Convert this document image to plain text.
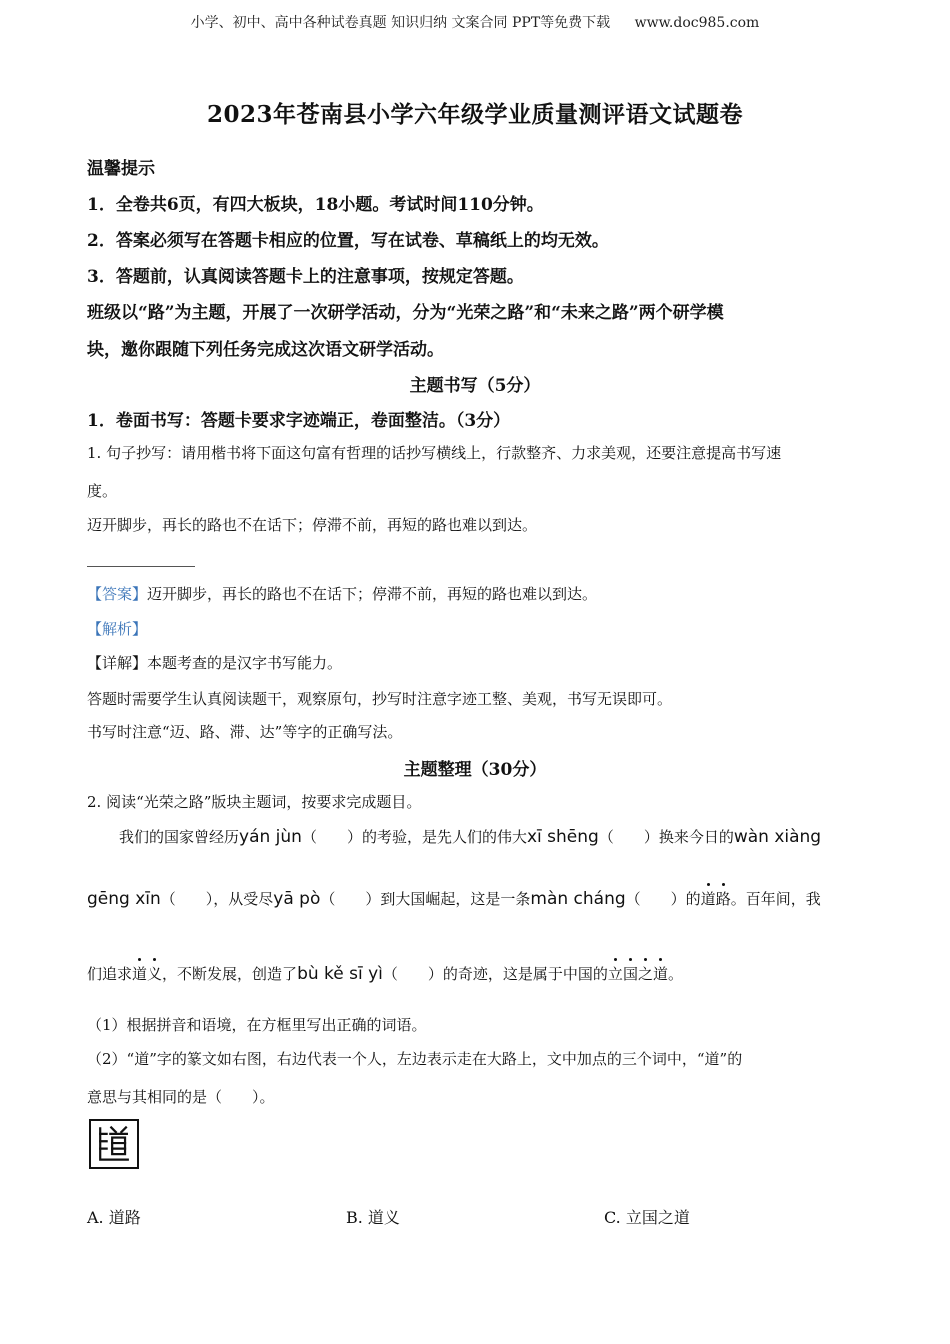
小学、初中、高中各种试卷真题 知识归纳 文案合同 PPT等免费下载 www.doc985.com
2023年苍南县小学六年级学业质量测评语文试题卷
温馨提示
1．全卷共6页，有四大板块，18小题。考试时间110分钟。
2．答案必须写在答题卡相应的位置，写在试卷、草稿纸上的均无效。
3．答题前，认真阅读答题卡上的注意事项，按规定答题。
班级以“路”为主题，开展了一次研学活动，分为“光荣之路”和“未来之路”两个研学模
块，邀你跟随下列任务完成这次语文研学活动。
主题书写（5分）
1．卷面书写：答题卡要求字迹端正，卷面整洁。（3分）
1. 句子抄写：请用楷书将下面这句富有哲理的话抄写横线上，行款整齐、力求美观，还要注意提高书写速
度。
迈开脚步，再长的路也不在话下；停滞不前，再短的路也难以到达。
【答案】迈开脚步，再长的路也不在话下；停滞不前，再短的路也难以到达。
【解析】
【详解】本题考查的是汉字书写能力。
答题时需要学生认真阅读题干，观察原句，抄写时注意字迹工整、美观，书写无误即可。
书写时注意“迈、路、滞、达”等字的正确写法。
主题整理（30分）
2. 阅读“光荣之路”版块主题词，按要求完成题目。
我们的国家曾经历yán jùn（　　）的考验，是先人们的伟大xī shēng（　　）换来今日的wàn xiàng
gēng xīn（　　），从受尽yā pò（　　）到大国崛起，这是一条màn cháng（　　）的道路。百年间，我
们追求道义，不断发展，创造了bù kě sī yì（　　）的奇迹，这是属于中国的立国之道。
（1）根据拼音和语境，在方框里写出正确的词语。
（2）“道”字的篆文如右图，右边代表一个人，左边表示走在大路上，文中加点的三个词中，“道”的
意思与其相同的是（　　）。
A. 道路	B. 道义	C. 立国之道
